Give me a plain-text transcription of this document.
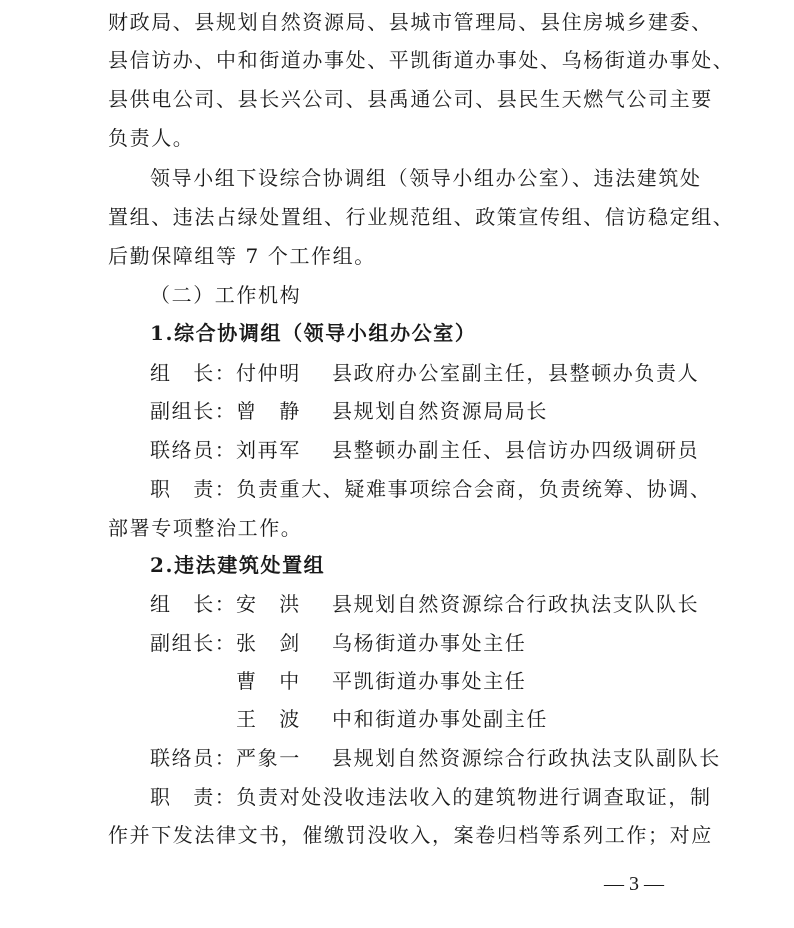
财政局、县规划自然资源局、县城市管理局、县住房城乡建委、
县信访办、中和街道办事处、平凯街道办事处、乌杨街道办事处、
县供电公司、县长兴公司、县禹通公司、县民生天燃气公司主要
负责人。
领导小组下设综合协调组（领导小组办公室）、违法建筑处
置组、违法占绿处置组、行业规范组、政策宣传组、信访稳定组、
后勤保障组等 7 个工作组。
（二）工作机构
1.综合协调组（领导小组办公室）
组　长： 付仲明 县政府办公室副主任，县整顿办负责人
副组长： 曾　静 县规划自然资源局局长
联络员： 刘再军 县整顿办副主任、县信访办四级调研员
职　责：负责重大、疑难事项综合会商，负责统筹、协调、
部署专项整治工作。
2.违法建筑处置组
组　长： 安　洪 县规划自然资源综合行政执法支队队长
副组长： 张　剑 乌杨街道办事处主任
曹　中 平凯街道办事处主任
王　波 中和街道办事处副主任
联络员： 严象一 县规划自然资源综合行政执法支队副队长
职　责：负责对处没收违法收入的建筑物进行调查取证，制
作并下发法律文书，催缴罚没收入，案卷归档等系列工作；对应
— 3 —
